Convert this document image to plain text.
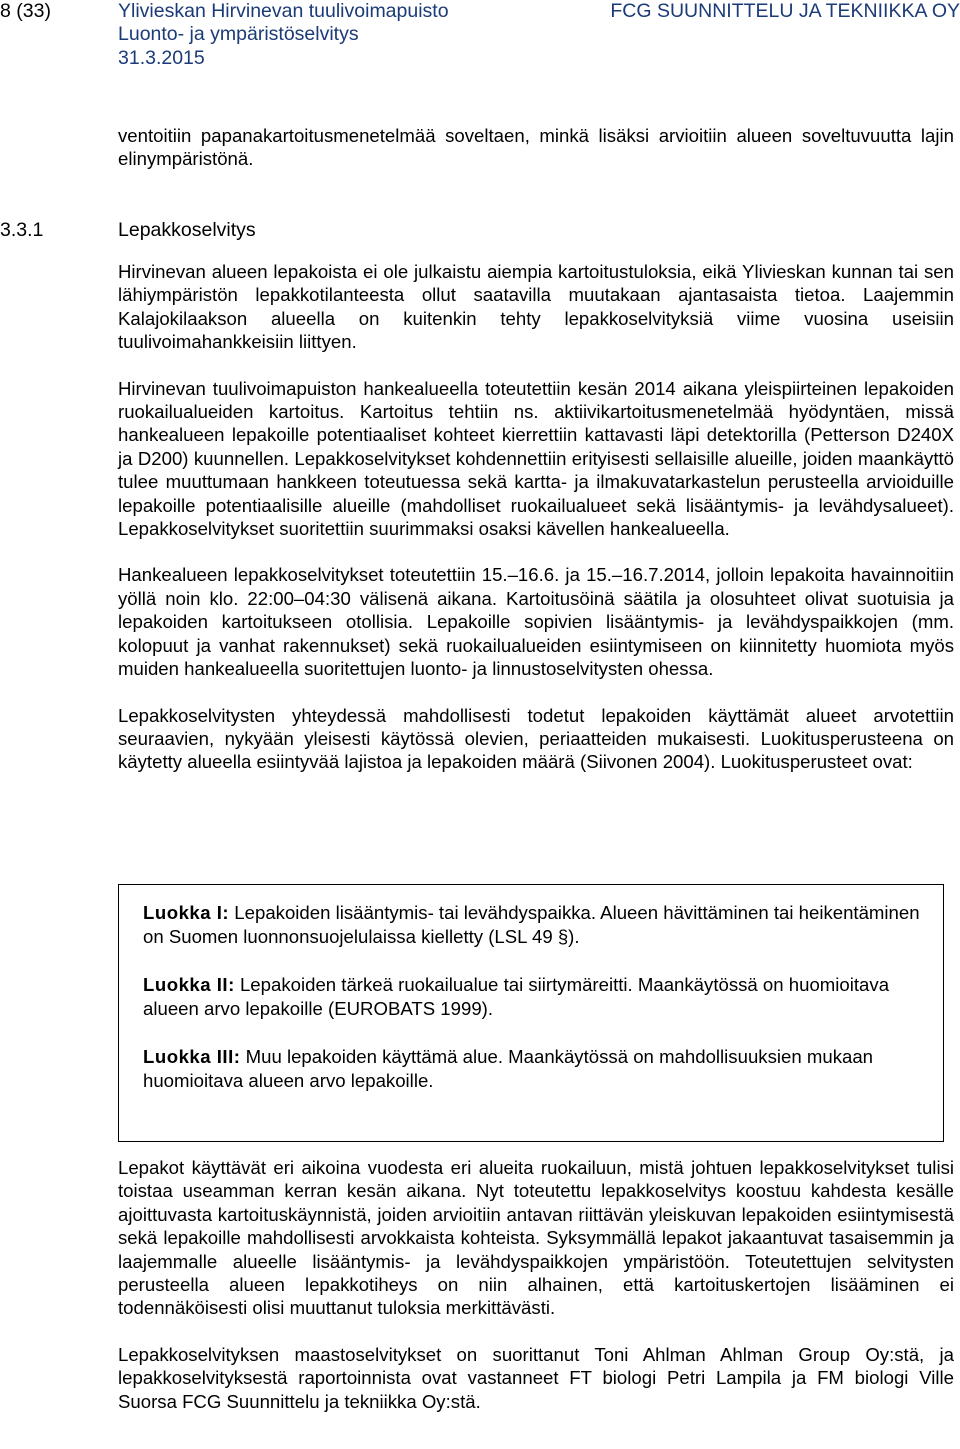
8 (33)	Ylivieskan Hirvinevan tuulivoimapuisto	FCG SUUNNITTELU JA TEKNIIKKA OY
Luonto- ja ympäristöselvitys
31.3.2015

ventoitiin papanakartoitusmenetelmää soveltaen, minkä lisäksi arvioitiin alueen soveltuvuutta lajin elinympäristönä.

3.3.1	Lepakkoselvitys

Hirvinevan alueen lepakoista ei ole julkaistu aiempia kartoitustuloksia, eikä Ylivieskan kunnan tai sen lähiympäristön lepakkotilanteesta ollut saatavilla muutakaan ajantasaista tietoa. Laajemmin Kalajokilaakson alueella on kuitenkin tehty lepakkoselvityksiä viime vuosina useisiin tuulivoimahankkeisiin liittyen.

Hirvinevan tuulivoimapuiston hankealueella toteutettiin kesän 2014 aikana yleispiirteinen lepakoiden ruokailualueiden kartoitus. Kartoitus tehtiin ns. aktiivikartoitusmenetelmää hyödyntäen, missä hankealueen lepakoille potentiaaliset kohteet kierrettiin kattavasti läpi detektorilla (Petterson D240X ja D200) kuunnellen. Lepakkoselvitykset kohdennettiin erityisesti sellaisille alueille, joiden maankäyttö tulee muuttumaan hankkeen toteutuessa sekä kartta- ja ilmakuvatarkastelun perusteella arvioiduille lepakoille potentiaalisille alueille (mahdolliset ruokailualueet sekä lisääntymis- ja levähdysalueet). Lepakkoselvitykset suoritettiin suurimmaksi osaksi kävellen hankealueella.

Hankealueen lepakkoselvitykset toteutettiin 15.–16.6. ja 15.–16.7.2014, jolloin lepakoita havainnoitiin yöllä noin klo. 22:00–04:30 välisenä aikana. Kartoitusöinä säätila ja olosuhteet olivat suotuisia ja lepakoiden kartoitukseen otollisia. Lepakoille sopivien lisääntymis- ja levähdyspaikkojen (mm. kolopuut ja vanhat rakennukset) sekä ruokailualueiden esiintymiseen on kiinnitetty huomiota myös muiden hankealueella suoritettujen luonto- ja linnustoselvitysten ohessa.

Lepakkoselvitysten yhteydessä mahdollisesti todetut lepakoiden käyttämät alueet arvotettiin seuraavien, nykyään yleisesti käytössä olevien, periaatteiden mukaisesti. Luokitusperusteena on käytetty alueella esiintyvää lajistoa ja lepakoiden määrä (Siivonen 2004). Luokitusperusteet ovat:

Luokka I: Lepakoiden lisääntymis- tai levähdyspaikka. Alueen hävittäminen tai heikentäminen on Suomen luonnonsuojelulaissa kielletty (LSL 49 §).

Luokka II: Lepakoiden tärkeä ruokailualue tai siirtymäreitti. Maankäytössä on huomioitava alueen arvo lepakoille (EUROBATS 1999).

Luokka III: Muu lepakoiden käyttämä alue. Maankäytössä on mahdollisuuksien mukaan huomioitava alueen arvo lepakoille.

Lepakot käyttävät eri aikoina vuodesta eri alueita ruokailuun, mistä johtuen lepakkoselvitykset tulisi toistaa useamman kerran kesän aikana. Nyt toteutettu lepakkoselvitys koostuu kahdesta kesälle ajoittuvasta kartoituskäynnistä, joiden arvioitiin antavan riittävän yleiskuvan lepakoiden esiintymisestä sekä lepakoille mahdollisesti arvokkaista kohteista. Syksymmällä lepakot jakaantuvat tasaisemmin ja laajemmalle alueelle lisääntymis- ja levähdyspaikkojen ympäristöön. Toteutettujen selvitysten perusteella alueen lepakkotiheys on niin alhainen, että kartoituskertojen lisääminen ei todennäköisesti olisi muuttanut tuloksia merkittävästi.

Lepakkoselvityksen maastoselvitykset on suorittanut Toni Ahlman Ahlman Group Oy:stä, ja lepakkoselvityksestä raportoinnista ovat vastanneet FT biologi Petri Lampila ja FM biologi Ville Suorsa FCG Suunnittelu ja tekniikka Oy:stä.
